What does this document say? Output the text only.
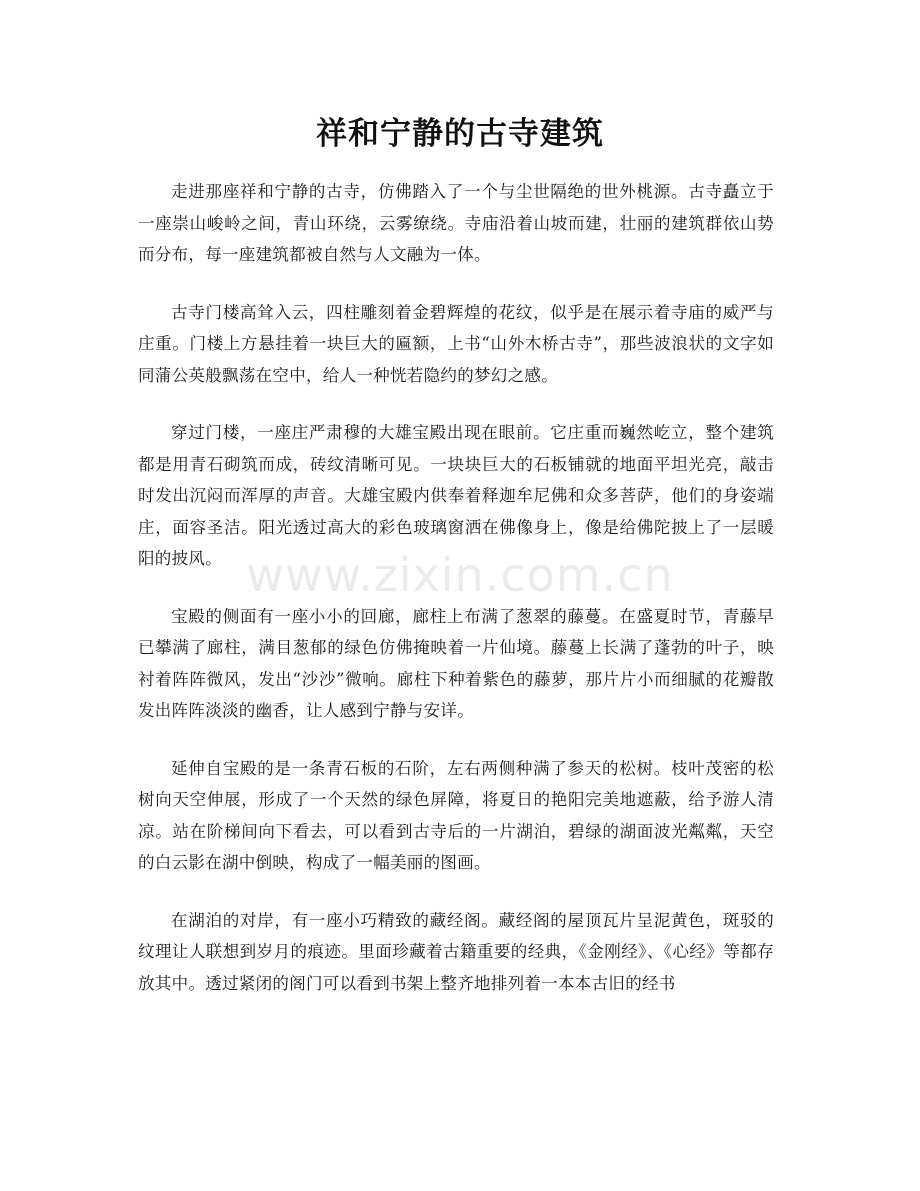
祥和宁静的古寺建筑

走进那座祥和宁静的古寺，仿佛踏入了一个与尘世隔绝的世外桃源。古寺矗立于一座崇山峻岭之间，青山环绕，云雾缭绕。寺庙沿着山坡而建，壮丽的建筑群依山势而分布，每一座建筑都被自然与人文融为一体。

古寺门楼高耸入云，四柱雕刻着金碧辉煌的花纹，似乎是在展示着寺庙的威严与庄重。门楼上方悬挂着一块巨大的匾额，上书“山外木桥古寺”，那些波浪状的文字如同蒲公英般飘荡在空中，给人一种恍若隐约的梦幻之感。

穿过门楼，一座庄严肃穆的大雄宝殿出现在眼前。它庄重而巍然屹立，整个建筑都是用青石砌筑而成，砖纹清晰可见。一块块巨大的石板铺就的地面平坦光亮，敲击时发出沉闷而浑厚的声音。大雄宝殿内供奉着释迦牟尼佛和众多菩萨，他们的身姿端庄，面容圣洁。阳光透过高大的彩色玻璃窗洒在佛像身上，像是给佛陀披上了一层暖阳的披风。

宝殿的侧面有一座小小的回廊，廊柱上布满了葱翠的藤蔓。在盛夏时节，青藤早已攀满了廊柱，满目葱郁的绿色仿佛掩映着一片仙境。藤蔓上长满了蓬勃的叶子，映衬着阵阵微风，发出“沙沙”微响。廊柱下种着紫色的藤萝，那片片小而细腻的花瓣散发出阵阵淡淡的幽香，让人感到宁静与安详。

延伸自宝殿的是一条青石板的石阶，左右两侧种满了参天的松树。枝叶茂密的松树向天空伸展，形成了一个天然的绿色屏障，将夏日的艳阳完美地遮蔽，给予游人清凉。站在阶梯间向下看去，可以看到古寺后的一片湖泊，碧绿的湖面波光粼粼，天空的白云影在湖中倒映，构成了一幅美丽的图画。

在湖泊的对岸，有一座小巧精致的藏经阁。藏经阁的屋顶瓦片呈泥黄色，斑驳的纹理让人联想到岁月的痕迹。里面珍藏着古籍重要的经典，《金刚经》、《心经》等都存放其中。透过紧闭的阁门可以看到书架上整齐地排列着一本本古旧的经书

www.zixin.com.cn
